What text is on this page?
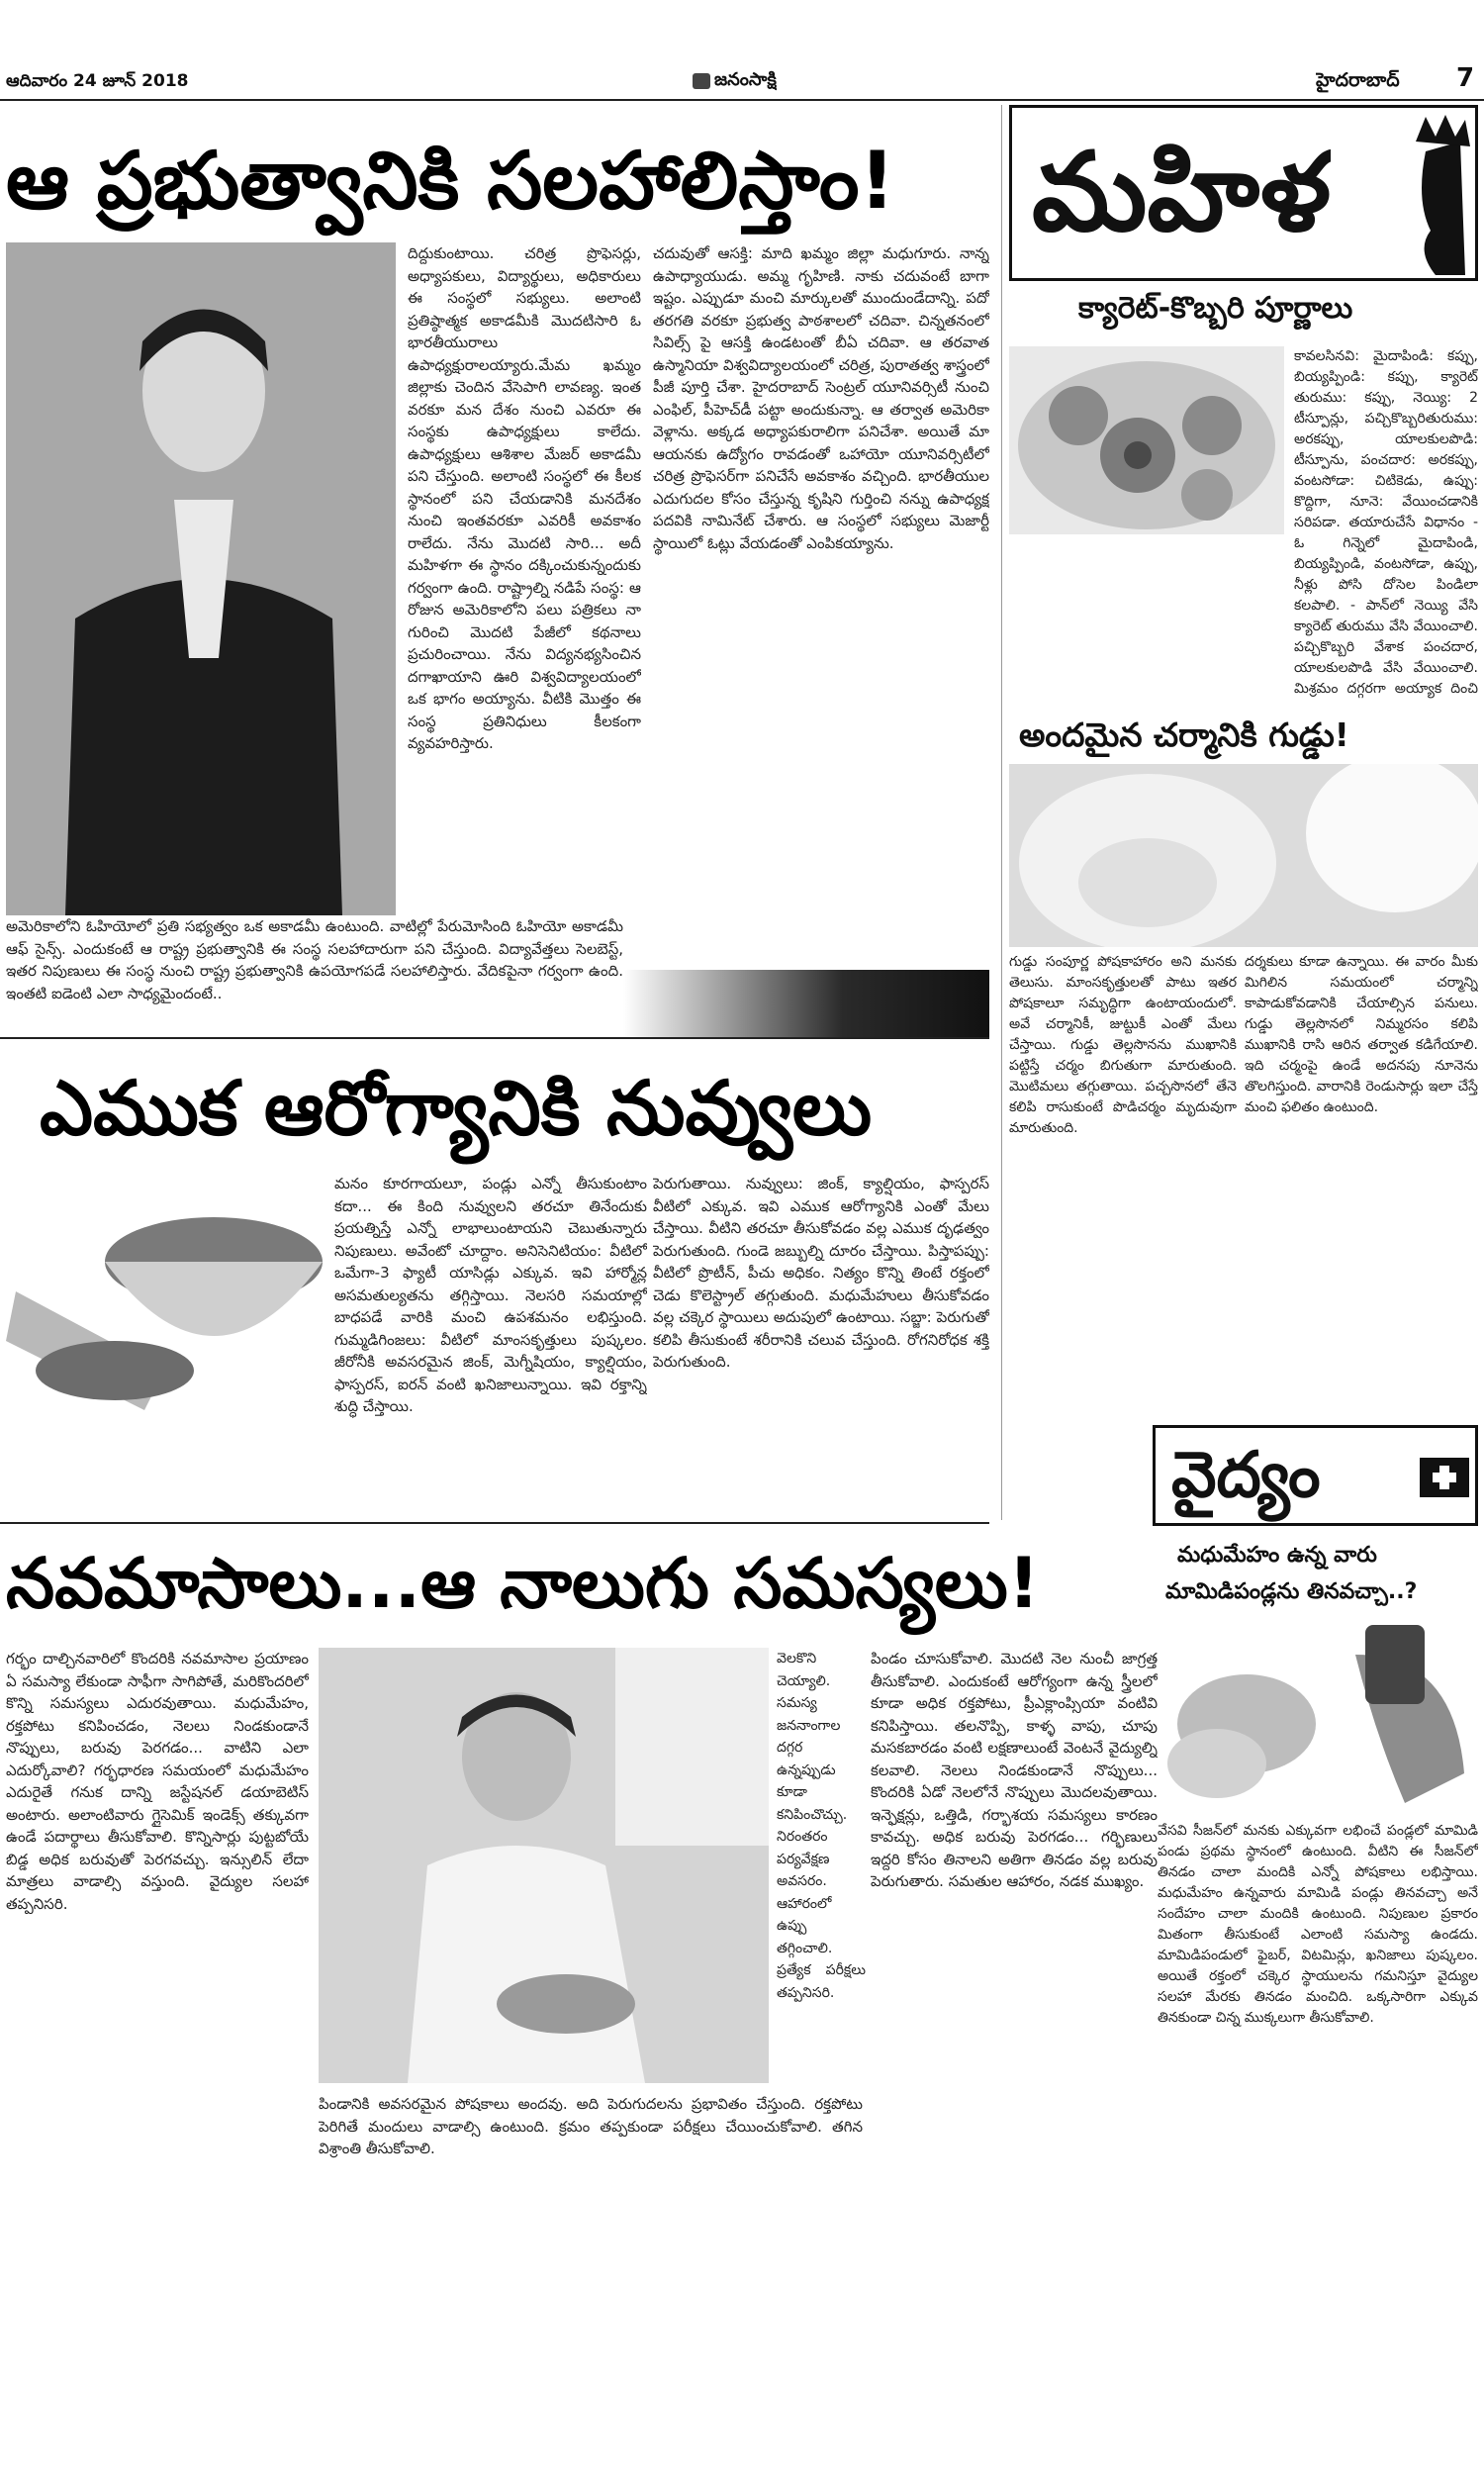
ఆదివారం 24 జూన్ 2018	జనంసాక్షి	హైదరాబాద్ 7
ఆ ప్రభుత్వానికి సలహాలిస్తాం!
దిద్దుకుంటాయి. చరిత్ర ప్రొఫెసర్లు, అధ్యాపకులు, విద్యార్థులు, అధికారులు ఈ సంస్థలో సభ్యులు. అలాంటి ప్రతిష్ఠాత్మక అకాడమీకి మొదటిసారి ఓ భారతీయురాలు ఉపాధ్యక్షురాలయ్యారు.మేమ ఖమ్మం జిల్లాకు చెందిన వేసెపాగి లావణ్య. ఇంత వరకూ మన దేశం నుంచి ఎవరూ ఈ సంస్థకు ఉపాధ్యక్షులు కాలేదు. ఉపాధ్యక్షులు ఆశిశాల మేజర్ అకాడమీ పని చేస్తుంది. అలాంటి సంస్థలో ఈ కీలక స్థానంలో పని చేయడానికి మనదేశం నుంచి ఇంతవరకూ ఎవరికీ అవకాశం రాలేదు. నేను మొదటి సారి... అదీ మహిళగా ఈ స్థానం దక్కించుకున్నందుకు గర్వంగా ఉంది. రాష్ట్రాల్ని నడిపే సంస్థ: ఆ రోజున అమెరికాలోని పలు పత్రికలు నా గురించి మొదటి పేజీలో కథనాలు ప్రచురించాయి. నేను విద్యనభ్యసించిన దగాఖాయాని ఊరి విశ్వవిద్యాలయంలో ఒక భాగం అయ్యాను. వీటికి మొత్తం ఈ సంస్థ ప్రతినిధులు కీలకంగా వ్యవహరిస్తారు.
చదువుతో ఆసక్తి: మాది ఖమ్మం జిల్లా మధుగూరు. నాన్న ఉపాధ్యాయుడు. అమ్మ గృహిణి. నాకు చదువంటే బాగా ఇష్టం. ఎప్పుడూ మంచి మార్కులతో ముందుండేదాన్ని. పదో తరగతి వరకూ ప్రభుత్వ పాఠశాలలో చదివా. చిన్నతనంలో సివిల్స్ పై ఆసక్తి ఉండటంతో బీఏ చదివా. ఆ తరవాత ఉస్మానియా విశ్వవిద్యాలయంలో చరిత్ర, పురాతత్వ శాస్త్రంలో పీజీ పూర్తి చేశా. హైదరాబాద్ సెంట్రల్ యూనివర్సిటీ నుంచి ఎంఫిల్, పీహెచ్‌డీ పట్టా అందుకున్నా. ఆ తర్వాత అమెరికా వెళ్లాను. అక్కడ అధ్యాపకురాలిగా పనిచేశా. అయితే మా ఆయనకు ఉద్యోగం రావడంతో ఒహాయో యూనివర్సిటీలో చరిత్ర ప్రొఫెసర్‌గా పనిచేసే అవకాశం వచ్చింది. భారతీయుల ఎదుగుదల కోసం చేస్తున్న కృషిని గుర్తించి నన్ను ఉపాధ్యక్ష పదవికి నామినేట్ చేశారు. ఆ సంస్థలో సభ్యులు మెజార్టీ స్థాయిలో ఓట్లు వేయడంతో ఎంపికయ్యాను.
అమెరికాలోని ఓహియోలో ప్రతి సభ్యత్వం ఒక అకాడమీ ఉంటుంది. వాటిల్లో పేరుమోసింది ఓహియో అకాడమీ ఆఫ్ సైన్స్. ఎందుకంటే ఆ రాష్ట్ర ప్రభుత్వానికి ఈ సంస్థ సలహాదారుగా పని చేస్తుంది. విద్యావేత్తలు సెలబెస్ట్, ఇతర నిపుణులు ఈ సంస్థ నుంచి రాష్ట్ర ప్రభుత్వానికి ఉపయోగపడే సలహాలిస్తారు. వేదికపైనా గర్వంగా ఉంది. ఇంతటి ఐడెంటి ఎలా సాధ్యమైందంటే..
ఎముక ఆరోగ్యానికి నువ్వులు
మనం కూరగాయలూ, పండ్లు ఎన్నో తీసుకుంటాం కదా... ఈ కింది నువ్వులని తరచూ తినేందుకు ప్రయత్నిస్తే ఎన్నో లాభాలుంటాయని చెబుతున్నారు నిపుణులు. అవేంటో చూద్దాం. అనిసెనిటియం: వీటిలో ఒమేగా-3 ఫ్యాటీ యాసిడ్లు ఎక్కువ. ఇవి హార్మోన్ల అసమతుల్యతను తగ్గిస్తాయి. నెలసరి సమయాల్లో బాధపడే వారికి మంచి ఉపశమనం లభిస్తుంది. గుమ్మడిగింజలు: వీటిలో మాంసకృత్తులు పుష్కలం. జీరోనీకి అవసరమైన జింక్, మెగ్నీషియం, క్యాల్షియం, ఫాస్పరస్, ఐరన్ వంటి ఖనిజాలున్నాయి. ఇవి రక్తాన్ని శుద్ధి చేస్తాయి.
పెరుగుతాయి. నువ్వులు: జింక్, క్యాల్షియం, ఫాస్పరస్ వీటిలో ఎక్కువ. ఇవి ఎముక ఆరోగ్యానికి ఎంతో మేలు చేస్తాయి. వీటిని తరచూ తీసుకోవడం వల్ల ఎముక దృఢత్వం పెరుగుతుంది. గుండె జబ్బుల్ని దూరం చేస్తాయి. పిస్తాపప్పు: వీటిలో ప్రొటీన్, పీచు అధికం. నిత్యం కొన్ని తింటే రక్తంలో చెడు కొలెస్ట్రాల్ తగ్గుతుంది. మధుమేహులు తీసుకోవడం వల్ల చక్కెర స్థాయిలు అదుపులో ఉంటాయి. సబ్జా: పెరుగుతో కలిపి తీసుకుంటే శరీరానికి చలువ చేస్తుంది. రోగనిరోధక శక్తి పెరుగుతుంది.
నవమాసాలు...ఆ నాలుగు సమస్యలు!
గర్భం దాల్చినవారిలో కొందరికి నవమాసాల ప్రయాణం ఏ సమస్యా లేకుండా సాఫీగా సాగిపోతే, మరికొందరిలో కొన్ని సమస్యలు ఎదురవుతాయి. మధుమేహం, రక్తపోటు కనిపించడం, నెలలు నిండకుండానే నొప్పులు, బరువు పెరగడం... వాటిని ఎలా ఎదుర్కోవాలి? గర్భధారణ సమయంలో మధుమేహం ఎదురైతే గనుక దాన్ని జస్టేషనల్ డయాబెటిస్ అంటారు. అలాంటివారు గ్లైసెమిక్ ఇండెక్స్ తక్కువగా ఉండే పదార్థాలు తీసుకోవాలి. కొన్నిసార్లు పుట్టబోయే బిడ్డ అధిక బరువుతో పెరగవచ్చు. ఇన్సులిన్ లేదా మాత్రలు వాడాల్సి వస్తుంది. వైద్యుల సలహా తప్పనిసరి.
వెలకొని చెయ్యాలి. సమస్య జననాంగాల దగ్గర ఉన్నప్పుడు కూడా కనిపించొచ్చు. నిరంతరం పర్యవేక్షణ అవసరం. ఆహారంలో ఉప్పు తగ్గించాలి. ప్రత్యేక పరీక్షలు తప్పనిసరి.
పిండం చూసుకోవాలి. మొదటి నెల నుంచీ జాగ్రత్త తీసుకోవాలి. ఎందుకంటే ఆరోగ్యంగా ఉన్న స్త్రీలలో కూడా అధిక రక్తపోటు, ప్రీఎక్లాంప్సియా వంటివి కనిపిస్తాయి. తలనొప్పి, కాళ్ళ వాపు, చూపు మసకబారడం వంటి లక్షణాలుంటే వెంటనే వైద్యుల్ని కలవాలి. నెలలు నిండకుండానే నొప్పులు... కొందరికి ఏడో నెలలోనే నొప్పులు మొదలవుతాయి. ఇన్ఫెక్షన్లు, ఒత్తిడి, గర్భాశయ సమస్యలు కారణం కావచ్చు. అధిక బరువు పెరగడం... గర్భిణులు ఇద్దరి కోసం తినాలని అతిగా తినడం వల్ల బరువు పెరుగుతారు. సమతుల ఆహారం, నడక ముఖ్యం.
పిండానికి అవసరమైన పోషకాలు అందవు. అది పెరుగుదలను ప్రభావితం చేస్తుంది. రక్తపోటు పెరిగితే మందులు వాడాల్సి ఉంటుంది. క్రమం తప్పకుండా పరీక్షలు చేయించుకోవాలి. తగిన విశ్రాంతి తీసుకోవాలి.
మహిళ
క్యారెట్-కొబ్బరి పూర్ణాలు
కావలసినవి: మైదాపిండి: కప్పు, బియ్యప్పిండి: కప్పు, క్యారెట్ తురుము: కప్పు, నెయ్యి: 2 టీస్పూన్లు, పచ్చికొబ్బరితురుము: అరకప్పు, యాలకులపొడి: టీస్పూను, పంచదార: అరకప్పు, వంటసోడా: చిటికెడు, ఉప్పు: కొద్దిగా, నూనె: వేయించడానికి సరిపడా. తయారుచేసే విధానం - ఓ గిన్నెలో మైదాపిండి, బియ్యప్పిండి, వంటసోడా, ఉప్పు, నీళ్లు పోసి దోసెల పిండిలా కలపాలి. - పాన్‌లో నెయ్యి వేసి క్యారెట్ తురుము వేసి వేయించాలి. పచ్చికొబ్బరి వేశాక పంచదార, యాలకులపొడి వేసి వేయించాలి. మిశ్రమం దగ్గరగా అయ్యాక దించి
అందమైన చర్మానికి గుడ్డు!
గుడ్డు సంపూర్ణ పోషకాహారం అని మనకు తెలుసు. మాంసకృత్తులతో పాటు ఇతర పోషకాలూ సమృద్ధిగా ఉంటాయందులో. అవే చర్మానికీ, జుట్టుకీ ఎంతో మేలు చేస్తాయి. గుడ్డు తెల్లసొనను ముఖానికి పట్టిస్తే చర్మం బిగుతుగా మారుతుంది. మొటిమలు తగ్గుతాయి. పచ్చసొనలో తేనె కలిపి రాసుకుంటే పొడిచర్మం మృదువుగా మారుతుంది.
దర్శకులు కూడా ఉన్నాయి. ఈ వారం మీకు మిగిలిన సమయంలో చర్మాన్ని కాపాడుకోవడానికి చేయాల్సిన పనులు. గుడ్డు తెల్లసొనలో నిమ్మరసం కలిపి ముఖానికి రాసి ఆరిన తర్వాత కడిగేయాలి. ఇది చర్మంపై ఉండే అదనపు నూనెను తొలగిస్తుంది. వారానికి రెండుసార్లు ఇలా చేస్తే మంచి ఫలితం ఉంటుంది.
వైద్యం
మధుమేహం ఉన్న వారు
మామిడిపండ్లను తినవచ్చా..?
వేసవి సీజన్‌లో మనకు ఎక్కువగా లభించే పండ్లలో మామిడి పండు ప్రథమ స్థానంలో ఉంటుంది. వీటిని ఈ సీజన్‌లో తినడం చాలా మందికి ఎన్నో పోషకాలు లభిస్తాయి. మధుమేహం ఉన్నవారు మామిడి పండ్లు తినవచ్చా అనే సందేహం చాలా మందికి ఉంటుంది. నిపుణుల ప్రకారం మితంగా తీసుకుంటే ఎలాంటి సమస్యా ఉండదు. మామిడిపండులో ఫైబర్, విటమిన్లు, ఖనిజాలు పుష్కలం. అయితే రక్తంలో చక్కెర స్థాయులను గమనిస్తూ వైద్యుల సలహా మేరకు తినడం మంచిది. ఒక్కసారిగా ఎక్కువ తినకుండా చిన్న ముక్కలుగా తీసుకోవాలి.
